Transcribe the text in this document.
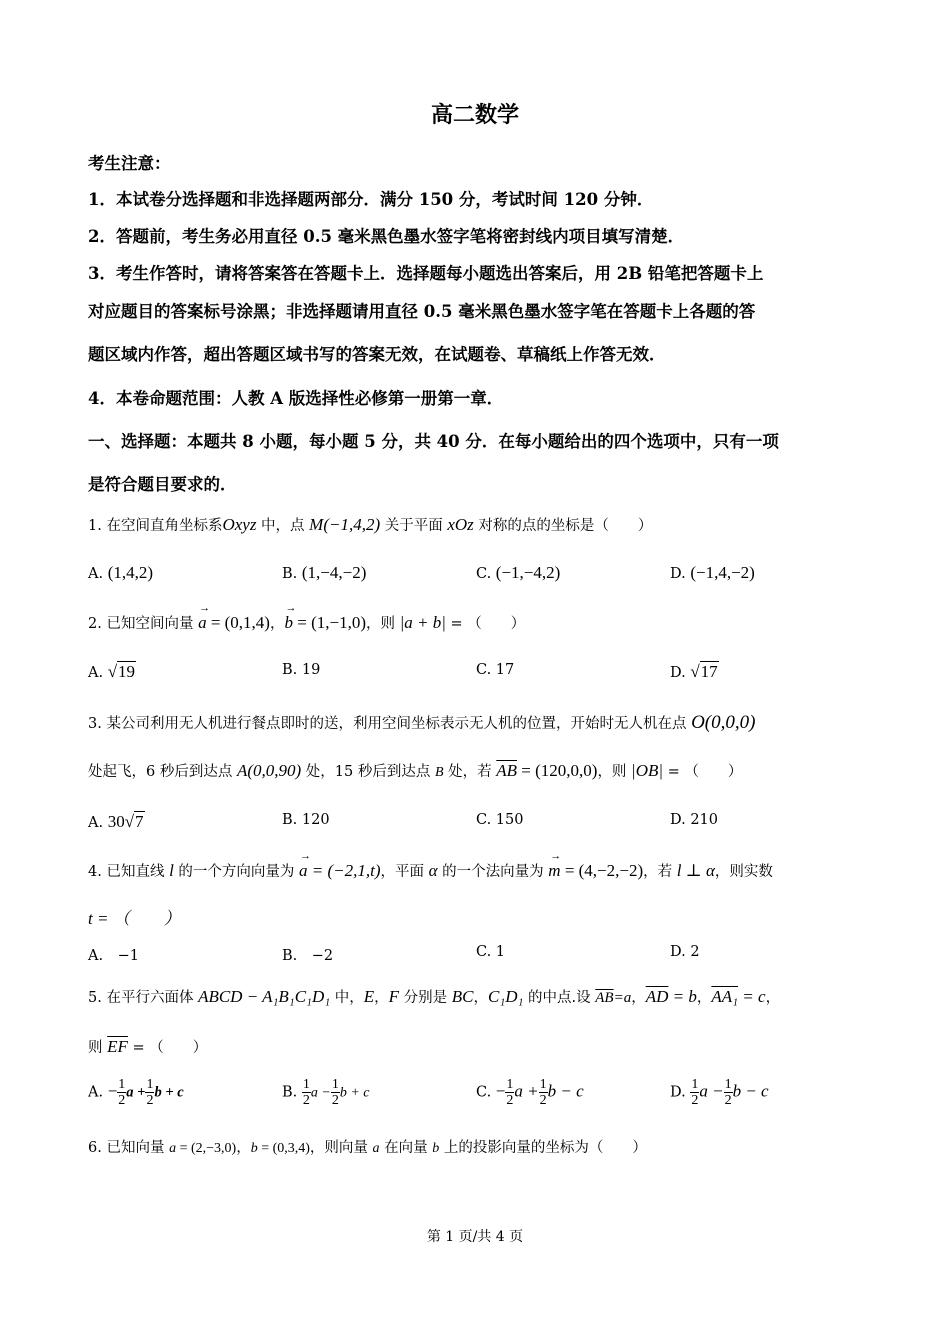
高二数学
考生注意：
1．本试卷分选择题和非选择题两部分．满分 150 分，考试时间 120 分钟．
2．答题前，考生务必用直径 0.5 毫米黑色墨水签字笔将密封线内项目填写清楚．
3．考生作答时，请将答案答在答题卡上．选择题每小题选出答案后，用 2B 铅笔把答题卡上
对应题目的答案标号涂黑；非选择题请用直径 0.5 毫米黑色墨水签字笔在答题卡上各题的答
题区域内作答，超出答题区域书写的答案无效，在试题卷、草稿纸上作答无效．
4．本卷命题范围：人教 A 版选择性必修第一册第一章．
一、选择题：本题共 8 小题，每小题 5 分，共 40 分．在每小题给出的四个选项中，只有一项
是符合题目要求的．
1. 在空间直角坐标系Oxyz 中，点 M(−1,4,2) 关于平面 xOz 对称的点的坐标是（　　）
A. (1,4,2)	B. (1,−4,−2)	C. (−1,−4,2)	D. (−1,4,−2)
2. 已知空间向量 a
→
= (0,1,4)，b
→
= (1,−1,0)，则 |a + b| = （　　）
A. √19	B. 19	C. 17	D. √17
3. 某公司利用无人机进行餐点即时的送，利用空间坐标表示无人机的位置，开始时无人机在点 O(0,0,0)
处起飞，6 秒后到达点 A(0,0,90) 处，15 秒后到达点 B 处，若 $\overline{AB} = (120,0,0)$，则 |OB| = （　　）
A. 30√7	B. 120	C. 150	D. 210
4. 已知直线 l 的一个方向向量为 a
→
= (−2,1,t)，平面 α 的一个法向量为 m
→
= (4,−2,−2)，若 l ⊥ α，则实数
t = （　　）
A.　−1	B.　−2	C. 1	D. 2
5. 在平行六面体 ABCD − A₁B₁C₁D₁ 中，E，F 分别是 BC，C₁D₁ 的中点.设 $\overline{AB}=a$，$\overline{AD} = b$，AA₁ = c，
则 $\overline{EF}$ = （　　）
A. − $\frac{1}{2}$ $a + \frac{1}{2}$ b + c	B. $\frac{1}{2}$ $a - \frac{1}{2}$ b + c	C. − $\frac{1}{2}$ $a + \frac{1}{2}$ b − c	D. $\frac{1}{2}$ $a - \frac{1}{2}$ b − c
6. 已知向量 a = (2,−3,0)，b = (0,3,4)，则向量 a 在向量 b 上的投影向量的坐标为（　　）
第 1 页/共 4 页
